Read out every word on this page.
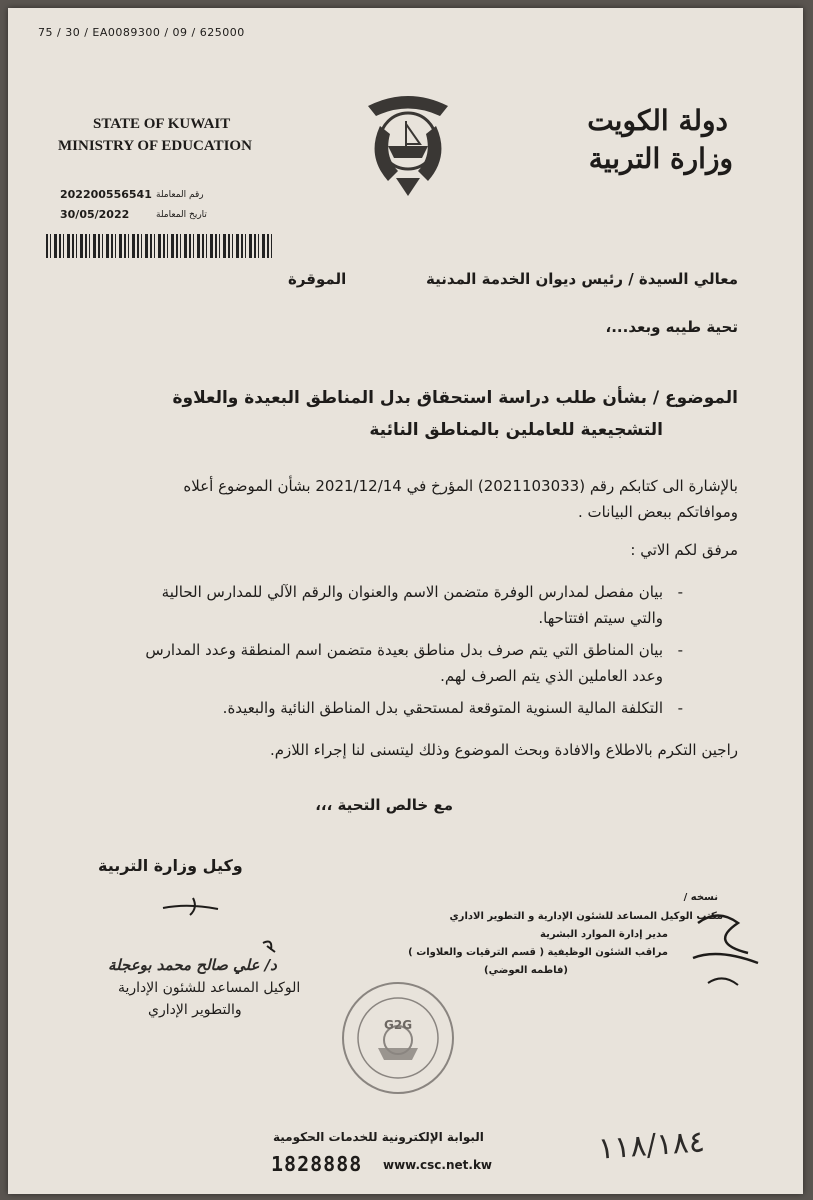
75 / 30 / EA0089300 / 09 / 625000
STATE OF KUWAIT
MINISTRY OF EDUCATION
دولة الكويت
وزارة التربية
202200556541 رقم المعاملة
30/05/2022	تاريخ المعاملة
معالي السيدة / رئيس ديوان الخدمة المدنية
الموقرة
تحية طيبه وبعد...،
الموضوع / بشأن طلب دراسة استحقاق بدل المناطق البعيدة والعلاوة
التشجيعية للعاملين بالمناطق النائية
بالإشارة الى كتابكم رقم (2021103033) المؤرخ في 2021/12/14 بشأن الموضوع أعلاه
وموافاتكم ببعض البيانات .
مرفق لكم الاتي :
بيان مفصل لمدارس الوفرة متضمن الاسم والعنوان والرقم الآلي للمدارس الحالية -
والتي سيتم افتتاحها.
بيان المناطق التي يتم صرف بدل مناطق بعيدة متضمن اسم المنطقة وعدد المدارس -
وعدد العاملين الذي يتم الصرف لهم.
التكلفة المالية السنوية المتوقعة لمستحقي بدل المناطق النائية والبعيدة. -
راجين التكرم بالاطلاع والافادة وبحث الموضوع وذلك ليتسنى لنا إجراء اللازم.
مع خالص التحية ،،،
وكيل وزارة التربية
د/ علي صالح محمد بوعجلة
الوكيل المساعد للشئون الإدارية
والتطوير الإداري
نسخه /
مكتب الوكيل المساعد للشئون الإدارية و التطوير الاداري
مدير إدارة الموارد البشرية
مراقب الشئون الوظيفية ( قسم الترقيات والعلاوات )
(فاطمه العوضي)
G2G
البوابة الإلكترونية للخدمات الحكومية
1828888 www.csc.net.kw	١١٨/١٨٤
